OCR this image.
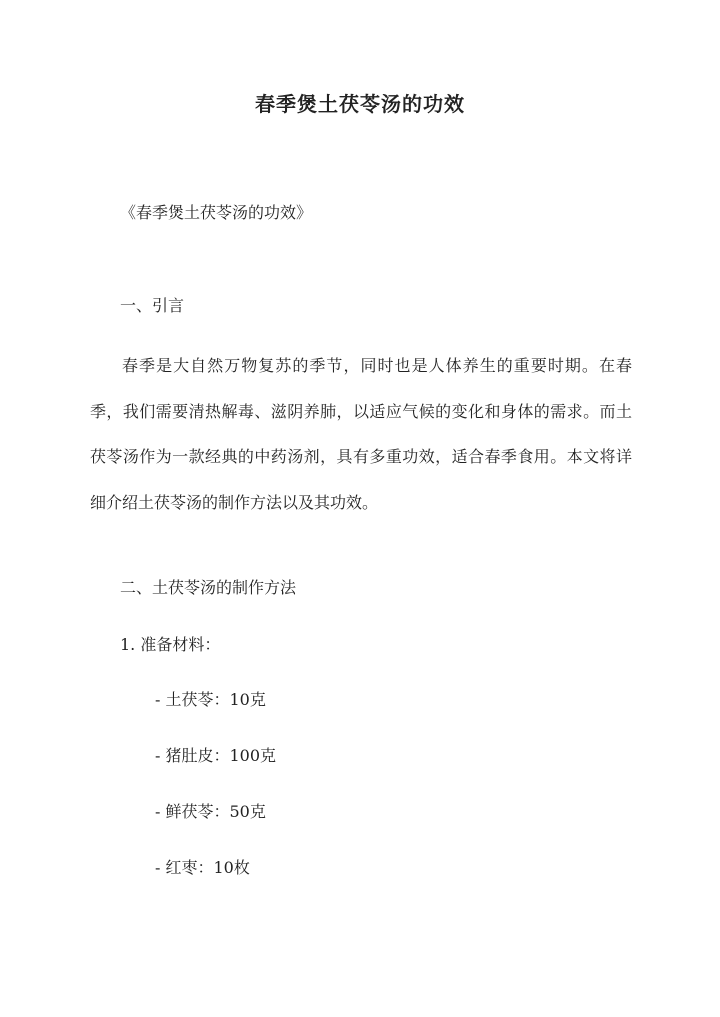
春季煲土茯苓汤的功效

《春季煲土茯苓汤的功效》

一、引言

春季是大自然万物复苏的季节，同时也是人体养生的重要时期。在春季，我们需要清热解毒、滋阴养肺，以适应气候的变化和身体的需求。而土茯苓汤作为一款经典的中药汤剂，具有多重功效，适合春季食用。本文将详细介绍土茯苓汤的制作方法以及其功效。

二、土茯苓汤的制作方法

1. 准备材料：

- 土茯苓：10克

- 猪肚皮：100克

- 鲜茯苓：50克

- 红枣：10枚
